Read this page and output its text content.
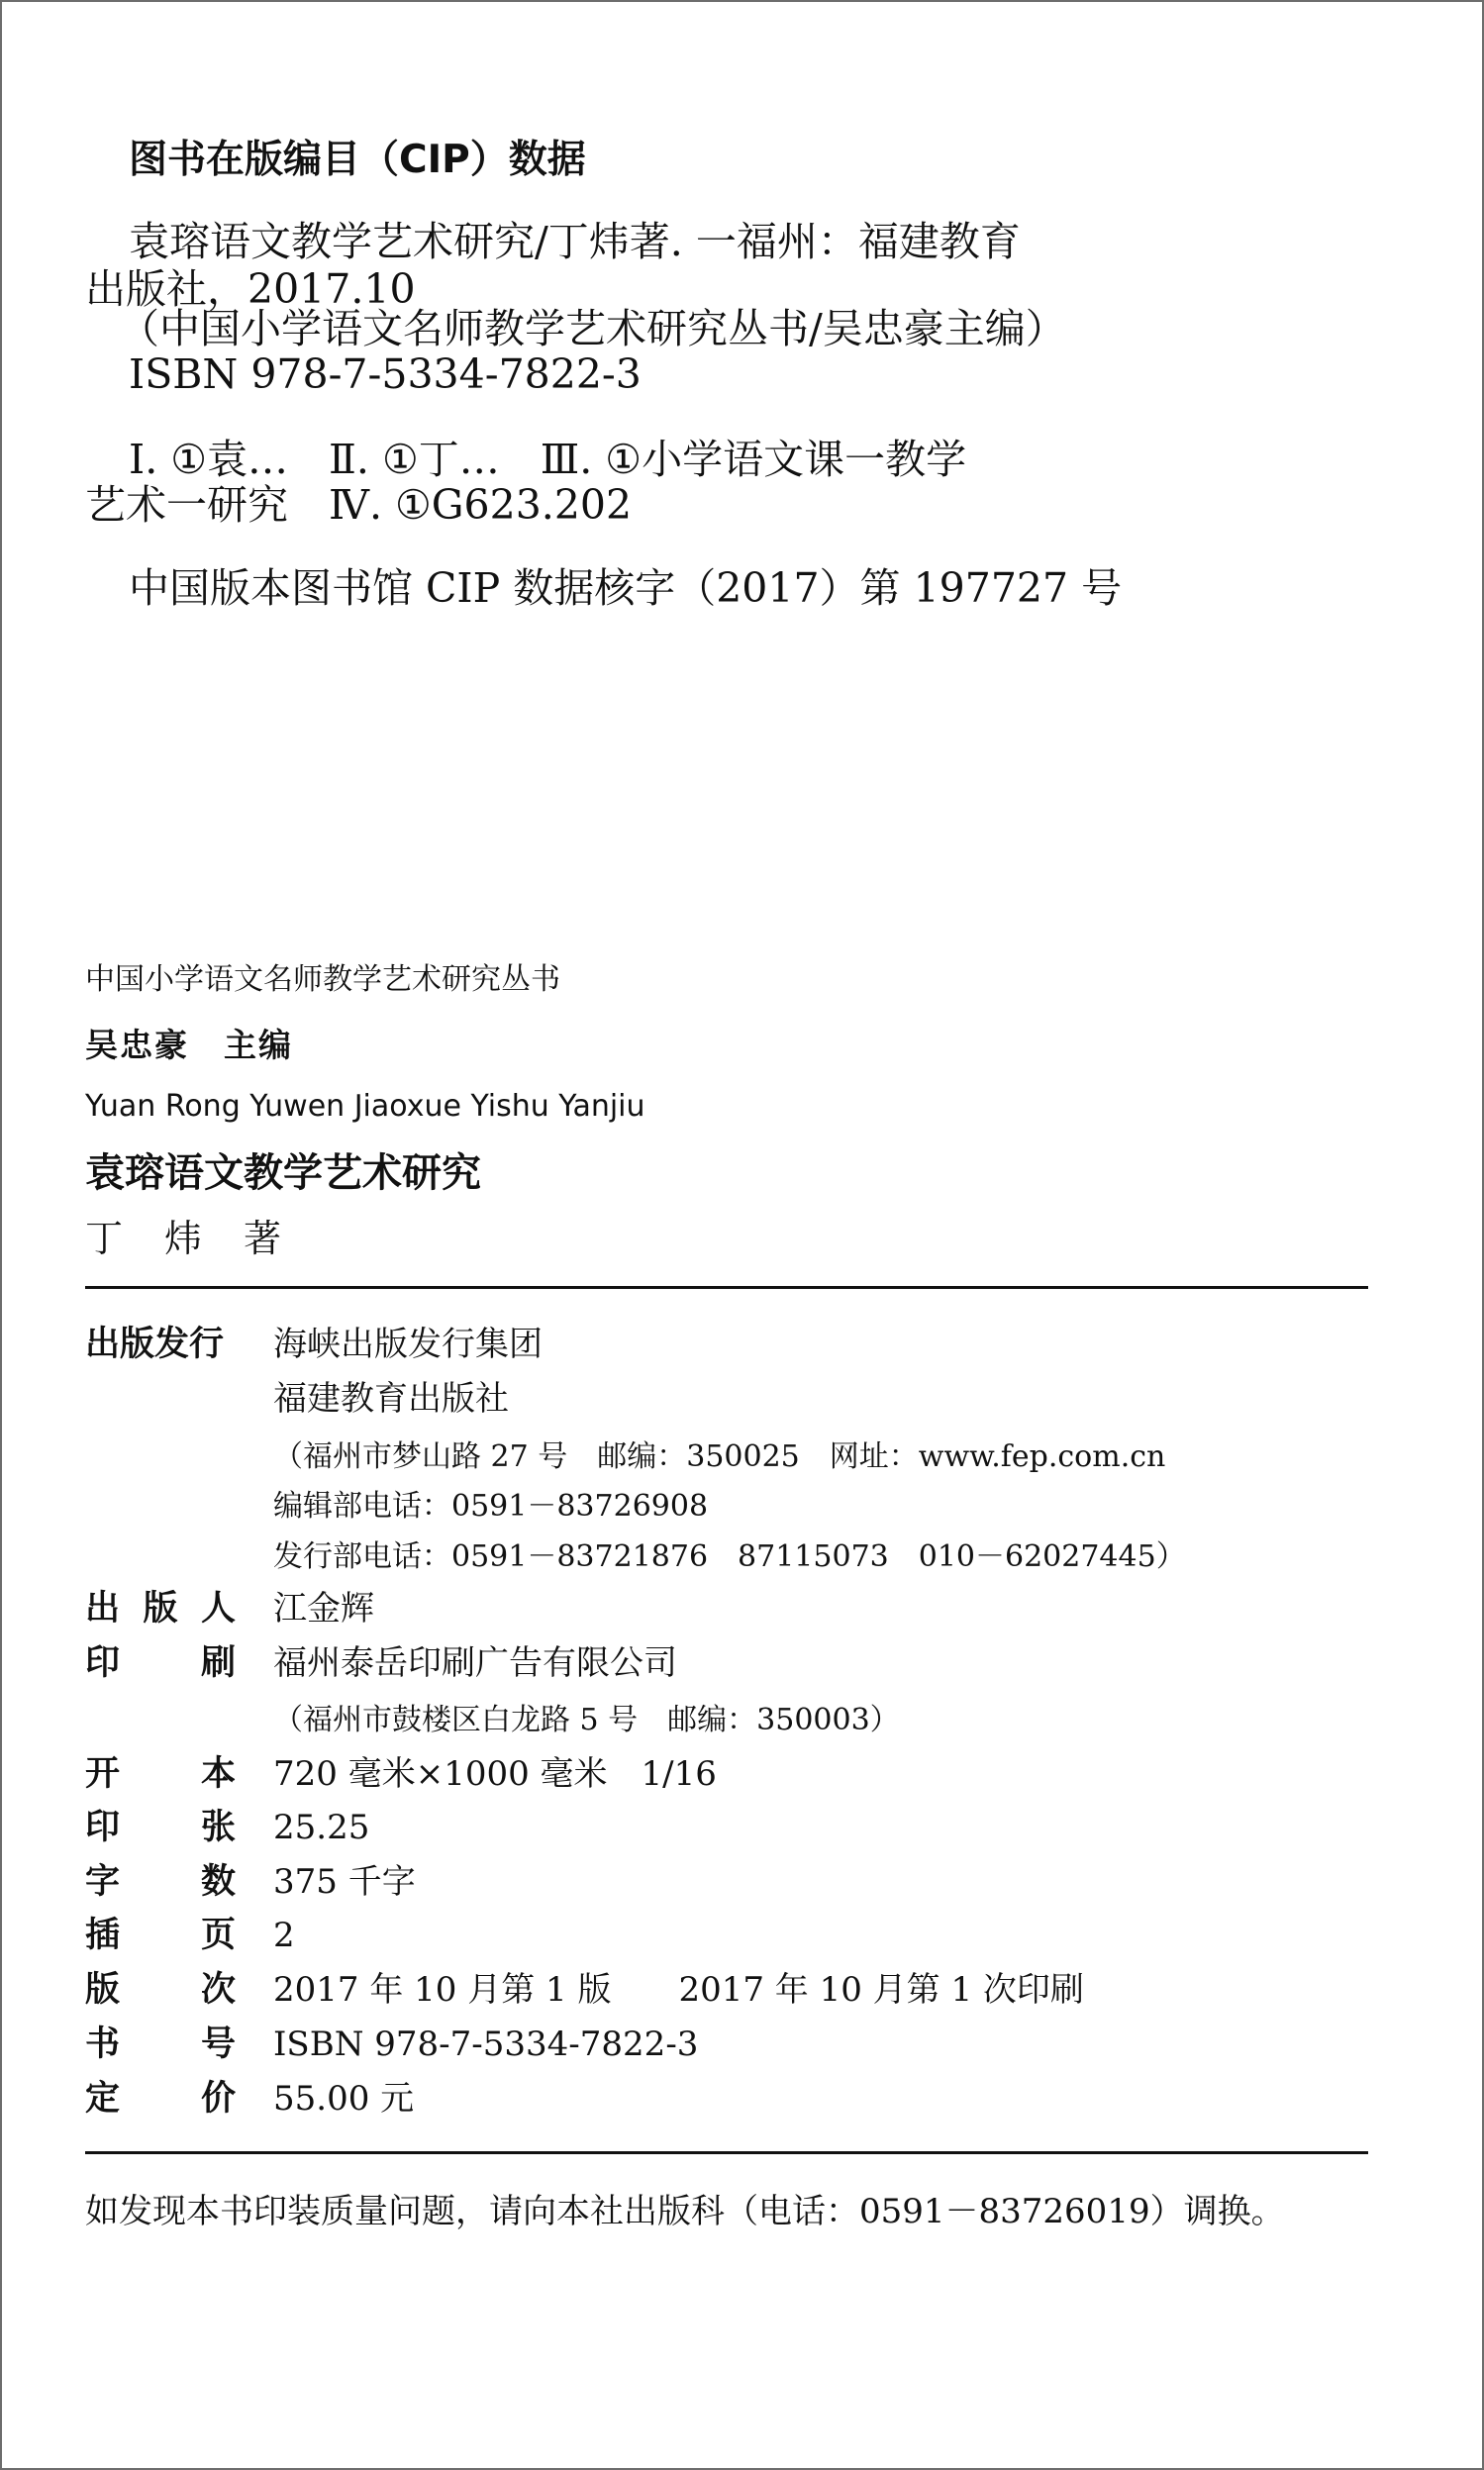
图书在版编目（CIP）数据
袁瑢语文教学艺术研究/丁炜著. 一福州：福建教育
出版社，2017.10
（中国小学语文名师教学艺术研究丛书/吴忠豪主编）
ISBN 978-7-5334-7822-3
Ⅰ. ①袁…　Ⅱ. ①丁…　Ⅲ. ①小学语文课一教学
艺术一研究　Ⅳ. ①G623.202
中国版本图书馆 CIP 数据核字（2017）第 197727 号
中国小学语文名师教学艺术研究丛书
吴忠豪　主编
Yuan Rong Yuwen Jiaoxue Yishu Yanjiu
袁瑢语文教学艺术研究
丁炜著
出版发行	海峡出版发行集团
福建教育出版社
（福州市梦山路 27 号　邮编：350025　网址：www.fep.com.cn
编辑部电话：0591－83726908
发行部电话：0591－83721876　87115073　010－62027445）
出 版 人 江金辉
印 刷 福州泰岳印刷广告有限公司
（福州市鼓楼区白龙路 5 号　邮编：350003）
开 本 720 毫米×1000 毫米　1/16
印 张 25.25
字 数 375 千字
插 页 2
版 次 2017 年 10 月第 1 版　　2017 年 10 月第 1 次印刷
书 号 ISBN 978-7-5334-7822-3
定 价 55.00 元
如发现本书印装质量问题，请向本社出版科（电话：0591－83726019）调换。
